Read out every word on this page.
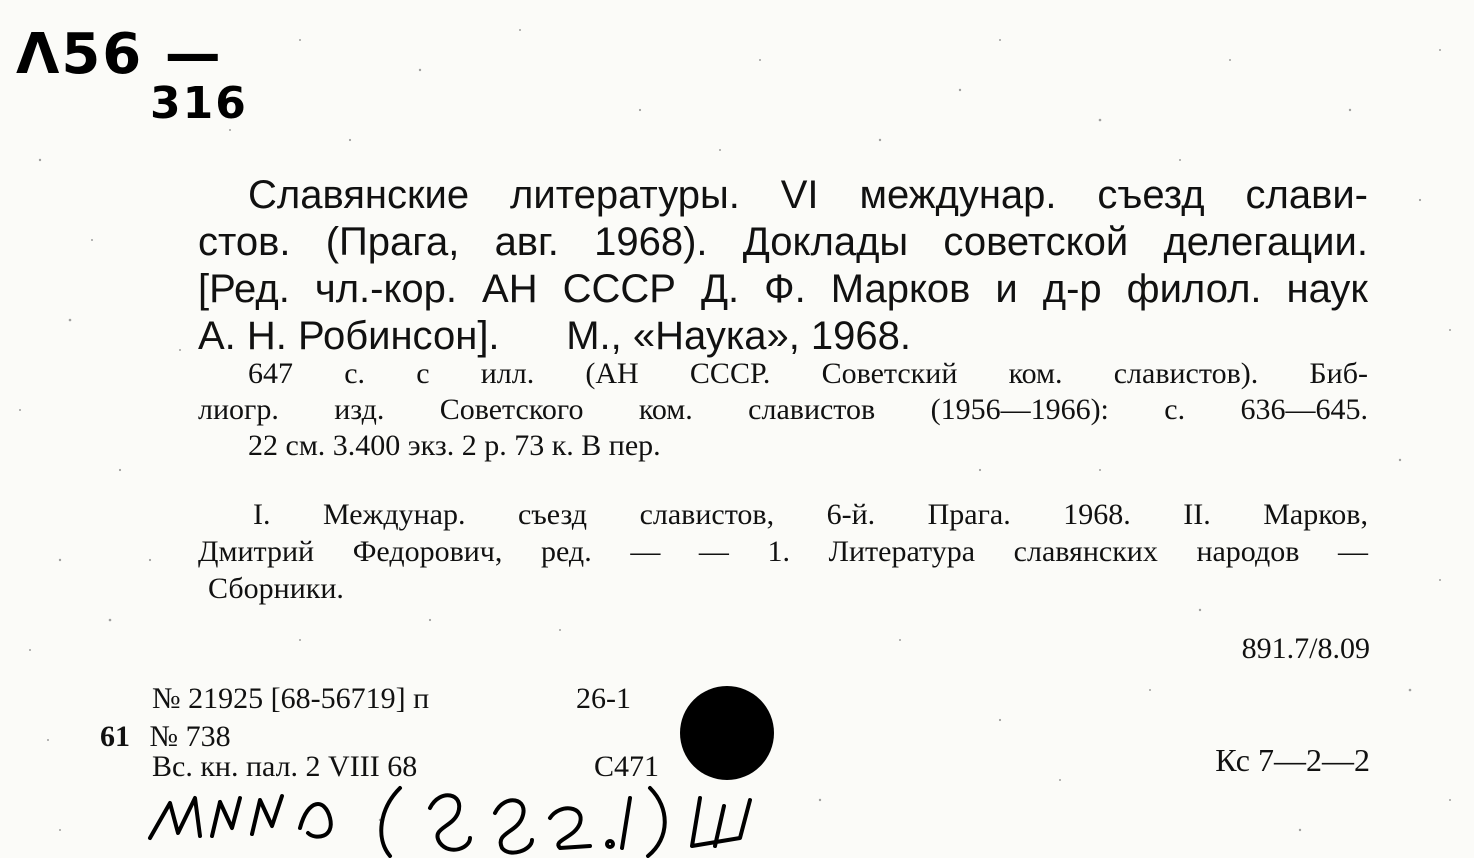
Λ56 —
316
Славянские литературы. VI междунар. съезд слави-
стов. (Прага, авг. 1968). Доклады советской делегации.
[Ред. чл.-кор. АН СССР Д. Ф. Марков и д-р филол. наук
А. Н. Робинсон]. М., «Наука», 1968.
647 с. с илл. (АН СССР. Советский ком. славистов). Биб-
лиогр. изд. Советского ком. славистов (1956—1966): с. 636—645.
22 см. 3.400 экз. 2 р. 73 к. В пер.
I. Междунар. съезд славистов, 6-й. Прага. 1968. II. Марков,
Дмитрий Федорович, ред. — — 1. Литература славянских народов —
Сборники.
891.7/8.09
№ 21925 [68-56719] п	26-1
61 № 738
Вс. кн. пал. 2 VIII 68	С471	Кс 7—2—2
